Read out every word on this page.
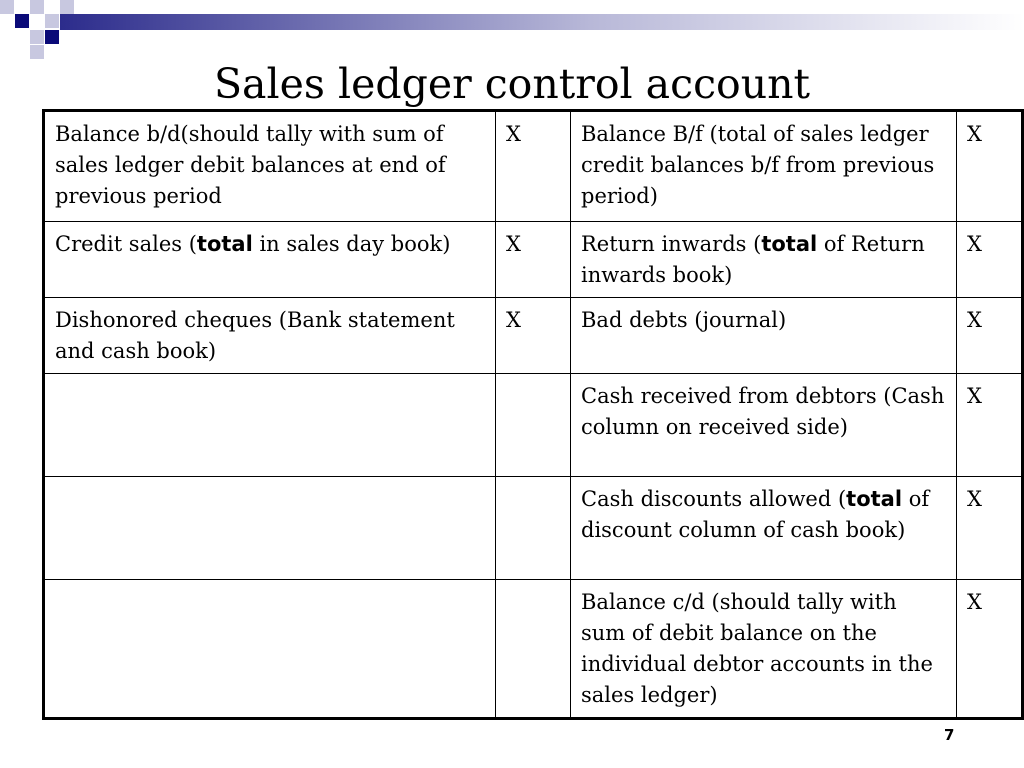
Sales ledger control account
Balance b/d(should tally with sum of sales ledger debit balances at end of previous period	X	Balance B/f (total of sales ledger credit balances b/f from previous period)	X
Credit sales (total in sales day book)	X	Return inwards (total of Return inwards book)	X
Dishonored cheques (Bank statement and cash book)	X	Bad debts (journal)	X
		Cash received from debtors (Cash column on received side)	X
		Cash discounts allowed (total of discount column of cash book)	X
		Balance c/d (should tally with sum of debit balance on the individual debtor accounts in the sales ledger)	X
7
